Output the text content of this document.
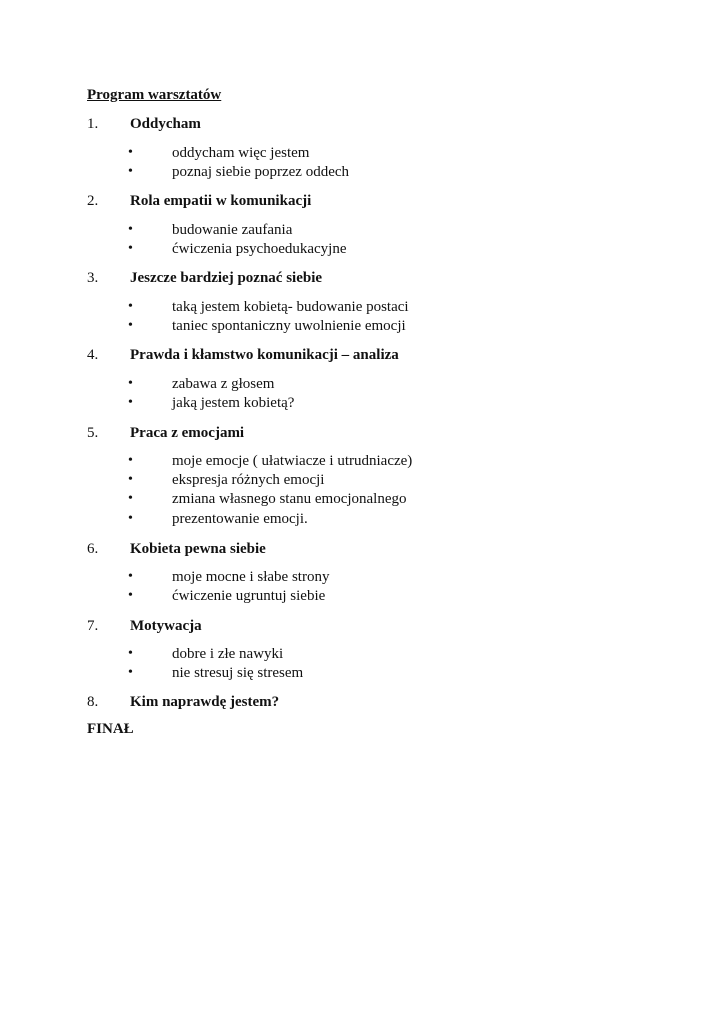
Program warsztatów
1. Oddycham
•	oddycham więc jestem
•	poznaj siebie poprzez oddech
2. Rola empatii w komunikacji
•	budowanie zaufania
•	ćwiczenia psychoedukacyjne
3. Jeszcze bardziej poznać siebie
•	taką jestem kobietą- budowanie postaci
•	taniec spontaniczny uwolnienie emocji
4. Prawda i kłamstwo komunikacji – analiza
•	zabawa z głosem
•	jaką jestem kobietą?
5. Praca z emocjami
•	moje emocje ( ułatwiacze i utrudniacze)
•	ekspresja różnych emocji
•	zmiana własnego stanu emocjonalnego
•	prezentowanie emocji.
6. Kobieta pewna siebie
•	moje mocne i słabe strony
•	ćwiczenie ugruntuj siebie
7. Motywacja
•	dobre i złe nawyki
•	nie stresuj się stresem
8. Kim naprawdę jestem?
FINAŁ
